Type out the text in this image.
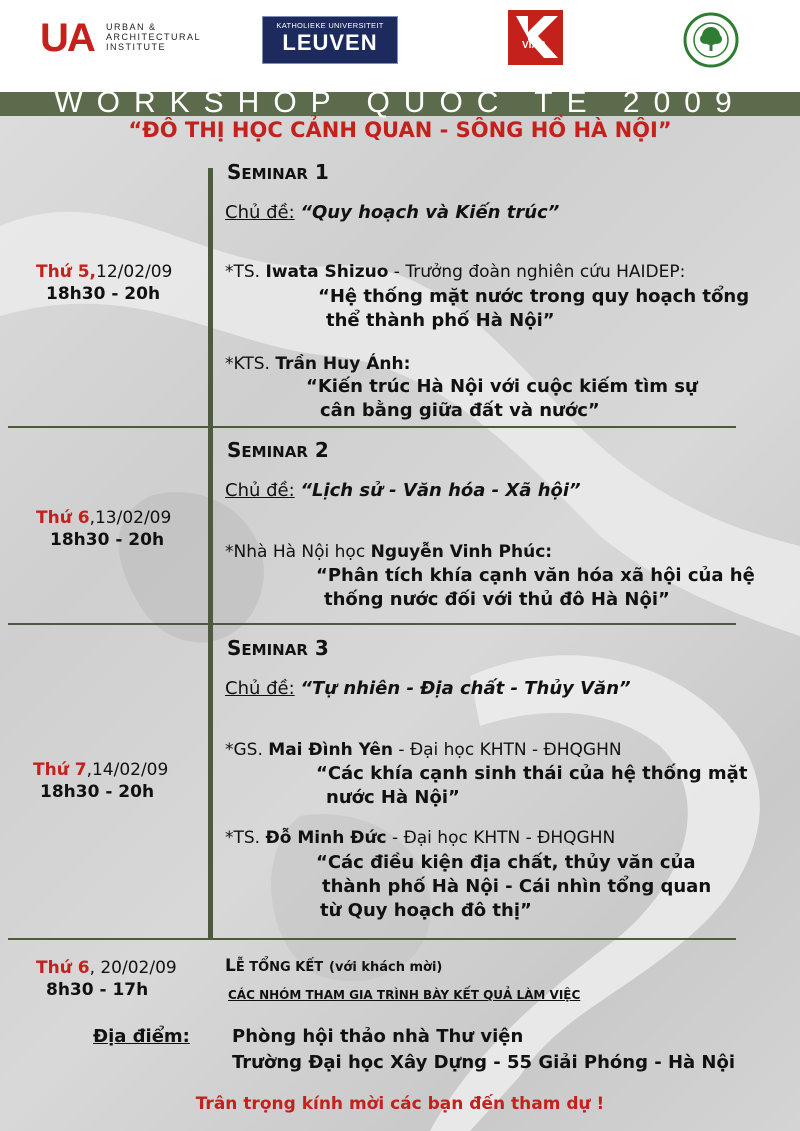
UA URBAN &
ARCHITECTURAL
INSTITUTE
KATHOLIEKE UNIVERSITEIT
LEUVEN	VIAP
WORKSHOP QUỐC TẾ 2009
“ĐÔ THỊ HỌC CẢNH QUAN - SÔNG HỒ HÀ NỘI”
Thứ 5,12/02/09
18h30 - 20h
SEMINAR 1
Chủ đề: “Quy hoạch và Kiến trúc”
*TS. Iwata Shizuo - Trưởng đoàn nghiên cứu HAIDEP:
“Hệ thống mặt nước trong quy hoạch tổng
thể thành phố Hà Nội”
*KTS. Trần Huy Ánh:
“Kiến trúc Hà Nội với cuộc kiếm tìm sự
cân bằng giữa đất và nước”
Thứ 6,13/02/09
18h30 - 20h
SEMINAR 2
Chủ đề: “Lịch sử - Văn hóa - Xã hội”
*Nhà Hà Nội học Nguyễn Vinh Phúc:
“Phân tích khía cạnh văn hóa xã hội của hệ
thống nước đối với thủ đô Hà Nội”
Thứ 7,14/02/09
18h30 - 20h
SEMINAR 3
Chủ đề: “Tự nhiên - Địa chất - Thủy Văn”
*GS. Mai Đình Yên - Đại học KHTN - ĐHQGHN
“Các khía cạnh sinh thái của hệ thống mặt
nước Hà Nội”
*TS. Đỗ Minh Đức - Đại học KHTN - ĐHQGHN
“Các điều kiện địa chất, thủy văn của
thành phố Hà Nội - Cái nhìn tổng quan
từ Quy hoạch đô thị”
Thứ 6, 20/02/09
8h30 - 17h
LỄ TỔNG KẾT (với khách mời)
CÁC NHÓM THAM GIA TRÌNH BÀY KẾT QUẢ LÀM VIỆC
Địa điểm: Phòng hội thảo nhà Thư viện
Trường Đại học Xây Dựng - 55 Giải Phóng - Hà Nội
Trân trọng kính mời các bạn đến tham dự !
